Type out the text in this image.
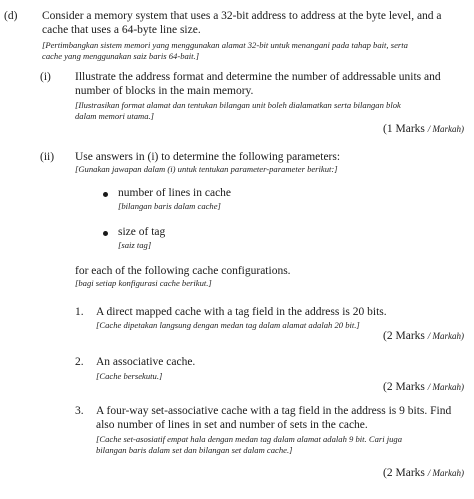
(d) Consider a memory system that uses a 32-bit address to address at the byte level, and a
cache that uses a 64-byte line size.
[Pertimbangkan sistem memori yang menggunakan alamat 32-bit untuk menangani pada tahap bait, serta
cache yang menggunakan saiz baris 64-bait.]
(i) Illustrate the address format and determine the number of addressable units and
number of blocks in the main memory.
[Ilustrasikan format alamat dan tentukan bilangan unit boleh dialamatkan serta bilangan blok
dalam memori utama.]
(1 Marks / Markah)
(ii) Use answers in (i) to determine the following parameters:
[Gunakan jawapan dalam (i) untuk tentukan parameter-parameter berikut:]
number of lines in cache
[bilangan baris dalam cache]
size of tag
[saiz tag]
for each of the following cache configurations.
[bagi setiap konfigurasi cache berikut.]
1. A direct mapped cache with a tag field in the address is 20 bits.
[Cache dipetakan langsung dengan medan tag dalam alamat adalah 20 bit.]
(2 Marks / Markah)
2. An associative cache.
[Cache bersekutu.]
(2 Marks / Markah)
3. A four-way set-associative cache with a tag field in the address is 9 bits. Find
also number of lines in set and number of sets in the cache.
[Cache set-asosiatif empat hala dengan medan tag dalam alamat adalah 9 bit. Cari juga
bilangan baris dalam set dan bilangan set dalam cache.]
(2 Marks / Markah)
